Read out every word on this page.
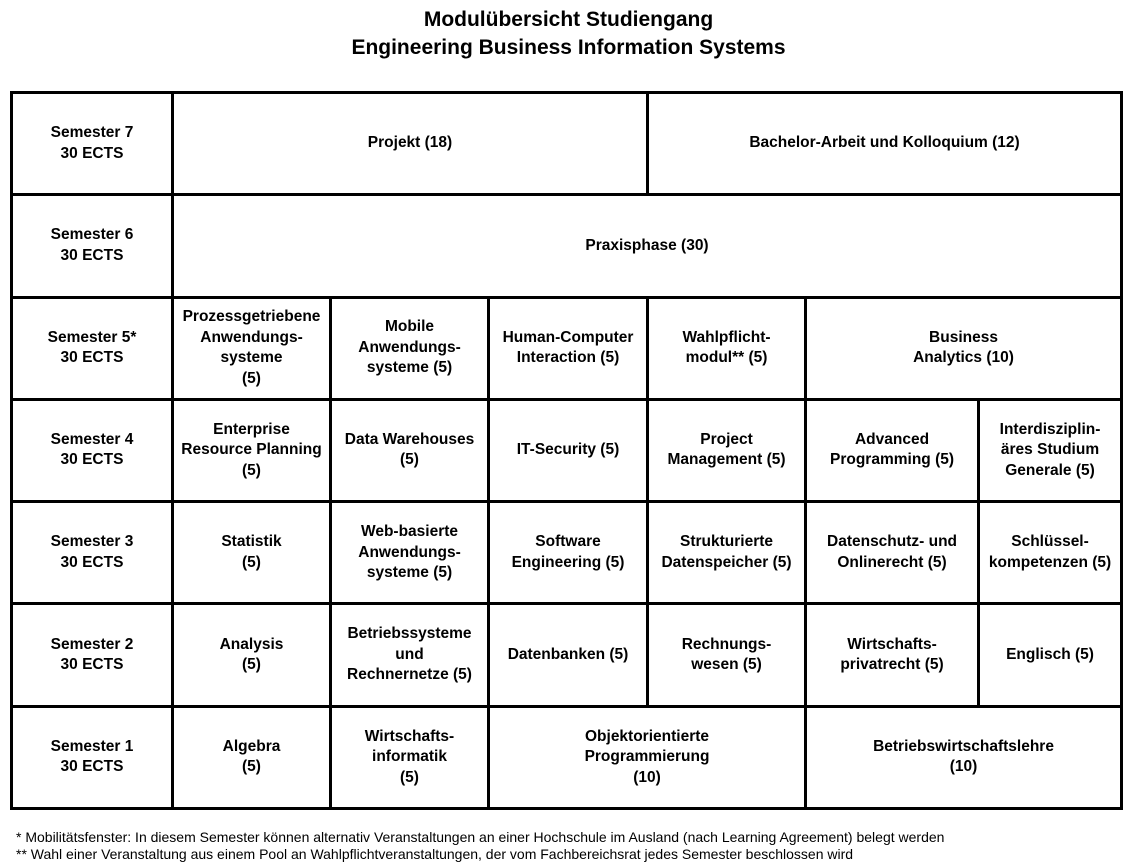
Modulübersicht Studiengang
Engineering Business Information Systems
Semester 7
30 ECTS	Projekt (18)			Bachelor-Arbeit und Kolloquium (12)		
Semester 6
30 ECTS	Praxisphase (30)					
Semester 5*
30 ECTS	Prozessgetriebene
Anwendungs-
systeme
(5)	Mobile
Anwendungs-
systeme (5)	Human-Computer
Interaction (5)	Wahlpflicht-
modul** (5)	Business
Analytics (10)	
Semester 4
30 ECTS	Enterprise
Resource Planning
(5)	Data Warehouses
(5)	IT-Security (5)	Project
Management (5)	Advanced
Programming (5)	Interdisziplin-
äres Studium
Generale (5)
Semester 3
30 ECTS	Statistik
(5)	Web-basierte
Anwendungs-
systeme (5)	Software
Engineering (5)	Strukturierte
Datenspeicher (5)	Datenschutz- und
Onlinerecht (5)	Schlüssel-
kompetenzen (5)
Semester 2
30 ECTS	Analysis
(5)	Betriebssysteme
und
Rechnernetze (5)	Datenbanken (5)	Rechnungs-
wesen (5)	Wirtschafts-
privatrecht (5)	Englisch (5)
Semester 1
30 ECTS	Algebra
(5)	Wirtschafts-
informatik
(5)	Objektorientierte
Programmierung
(10)		Betriebswirtschaftslehre
(10)	
* Mobilitätsfenster: In diesem Semester können alternativ Veranstaltungen an einer Hochschule im Ausland (nach Learning Agreement) belegt werden
** Wahl einer Veranstaltung aus einem Pool an Wahlpflichtveranstaltungen, der vom Fachbereichsrat jedes Semester beschlossen wird
